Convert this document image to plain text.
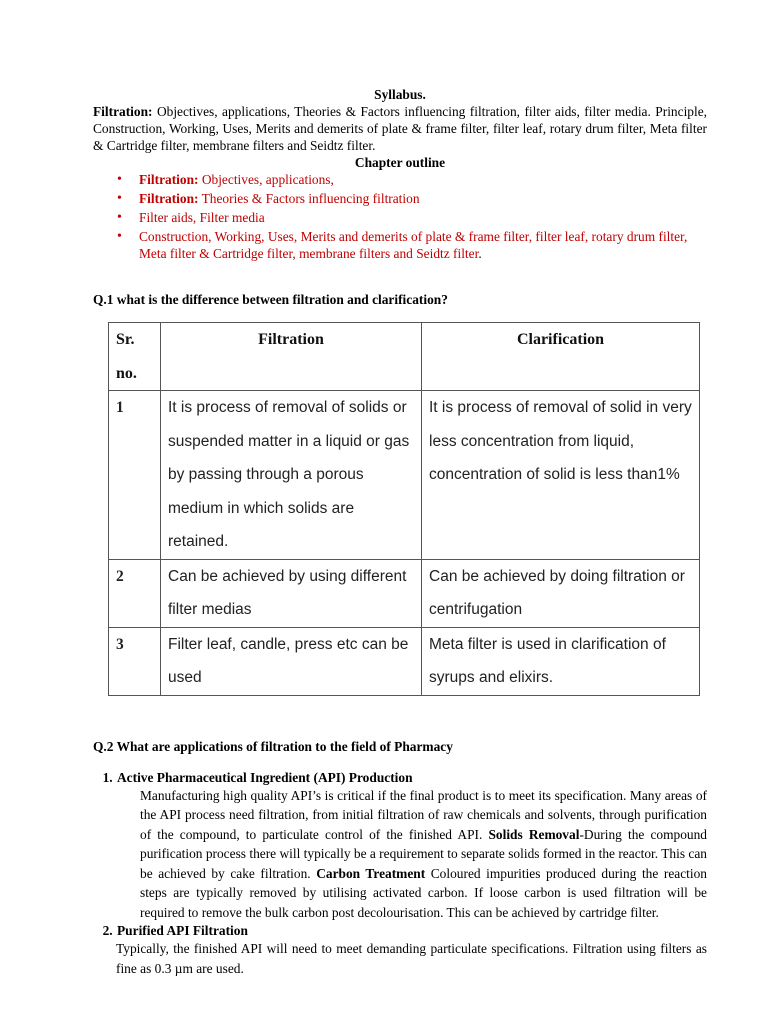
Syllabus.
Filtration: Objectives, applications, Theories & Factors influencing filtration, filter aids, filter media. Principle, Construction, Working, Uses, Merits and demerits of plate & frame filter, filter leaf, rotary drum filter, Meta filter & Cartridge filter, membrane filters and Seidtz filter.
Chapter outline
• Filtration: Objectives, applications,
• Filtration: Theories & Factors influencing filtration
• Filter aids, Filter media
• Construction, Working, Uses, Merits and demerits of plate & frame filter, filter leaf, rotary drum filter, Meta filter & Cartridge filter, membrane filters and Seidtz filter.
Q.1 what is the difference between filtration and clarification?
Sr. no.	Filtration	Clarification
1	It is process of removal of solids or suspended matter in a liquid or gas by passing through a porous medium in which solids are retained.	It is process of removal of solid in very less concentration from liquid, concentration of solid is less than1%
2	Can be achieved by using different filter medias	Can be achieved by doing filtration or centrifugation
3	Filter leaf, candle, press etc can be used	Meta filter is used in clarification of syrups and elixirs.
Q.2 What are applications of filtration to the field of Pharmacy
1. Active Pharmaceutical Ingredient (API) Production
Manufacturing high quality API’s is critical if the final product is to meet its specification. Many areas of the API process need filtration, from initial filtration of raw chemicals and solvents, through purification of the compound, to particulate control of the finished API. Solids Removal-During the compound purification process there will typically be a requirement to separate solids formed in the reactor. This can be achieved by cake filtration. Carbon Treatment Coloured impurities produced during the reaction steps are typically removed by utilising activated carbon. If loose carbon is used filtration will be required to remove the bulk carbon post decolourisation. This can be achieved by cartridge filter.
2. Purified API Filtration
Typically, the finished API will need to meet demanding particulate specifications. Filtration using filters as fine as 0.3 µm are used.
